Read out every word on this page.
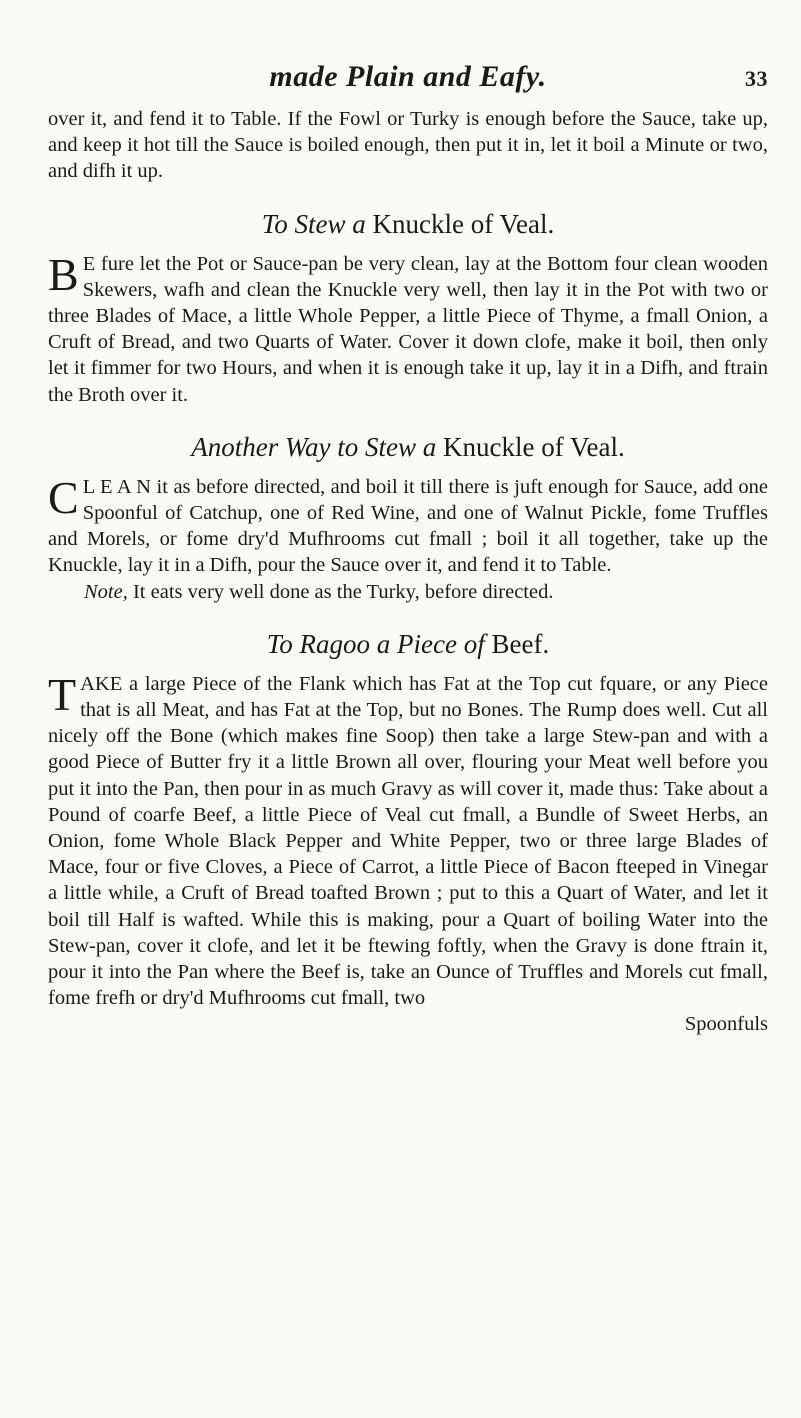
made Plain and Eafy.	33

over it, and fend it to Table. If the Fowl or Turky is enough before the Sauce, take up, and keep it hot till the Sauce is boiled enough, then put it in, let it boil a Minute or two, and difh it up.

To Stew a Knuckle of Veal.

B E fure let the Pot or Sauce-pan be very clean, lay at the Bottom four clean wooden Skewers, wafh and clean the Knuckle very well, then lay it in the Pot with two or three Blades of Mace, a little Whole Pepper, a little Piece of Thyme, a fmall Onion, a Cruft of Bread, and two Quarts of Water. Cover it down clofe, make it boil, then only let it fimmer for two Hours, and when it is enough take it up, lay it in a Difh, and ftrain the Broth over it.

Another Way to Stew a Knuckle of Veal.

C L E A N it as before directed, and boil it till there is juft enough for Sauce, add one Spoonful of Catchup, one of Red Wine, and one of Walnut Pickle, fome Truffles and Morels, or fome dry'd Mufhrooms cut fmall ; boil it all together, take up the Knuckle, lay it in a Difh, pour the Sauce over it, and fend it to Table.

Note, It eats very well done as the Turky, before directed.

To Ragoo a Piece of Beef.

TAKE a large Piece of the Flank which has Fat at the Top cut fquare, or any Piece that is all Meat, and has Fat at the Top, but no Bones. The Rump does well. Cut all nicely off the Bone (which makes fine Soop) then take a large Stew-pan and with a good Piece of Butter fry it a little Brown all over, flouring your Meat well before you put it into the Pan, then pour in as much Gravy as will cover it, made thus: Take about a Pound of coarfe Beef, a little Piece of Veal cut fmall, a Bundle of Sweet Herbs, an Onion, fome Whole Black Pepper and White Pepper, two or three large Blades of Mace, four or five Cloves, a Piece of Carrot, a little Piece of Bacon fteeped in Vinegar a little while, a Cruft of Bread toafted Brown ; put to this a Quart of Water, and let it boil till Half is wafted. While this is making, pour a Quart of boiling Water into the Stew-pan, cover it clofe, and let it be ftewing foftly, when the Gravy is done ftrain it, pour it into the Pan where the Beef is, take an Ounce of Truffles and Morels cut fmall, fome frefh or dry'd Mufhrooms cut fmall, two

Spoonfuls
